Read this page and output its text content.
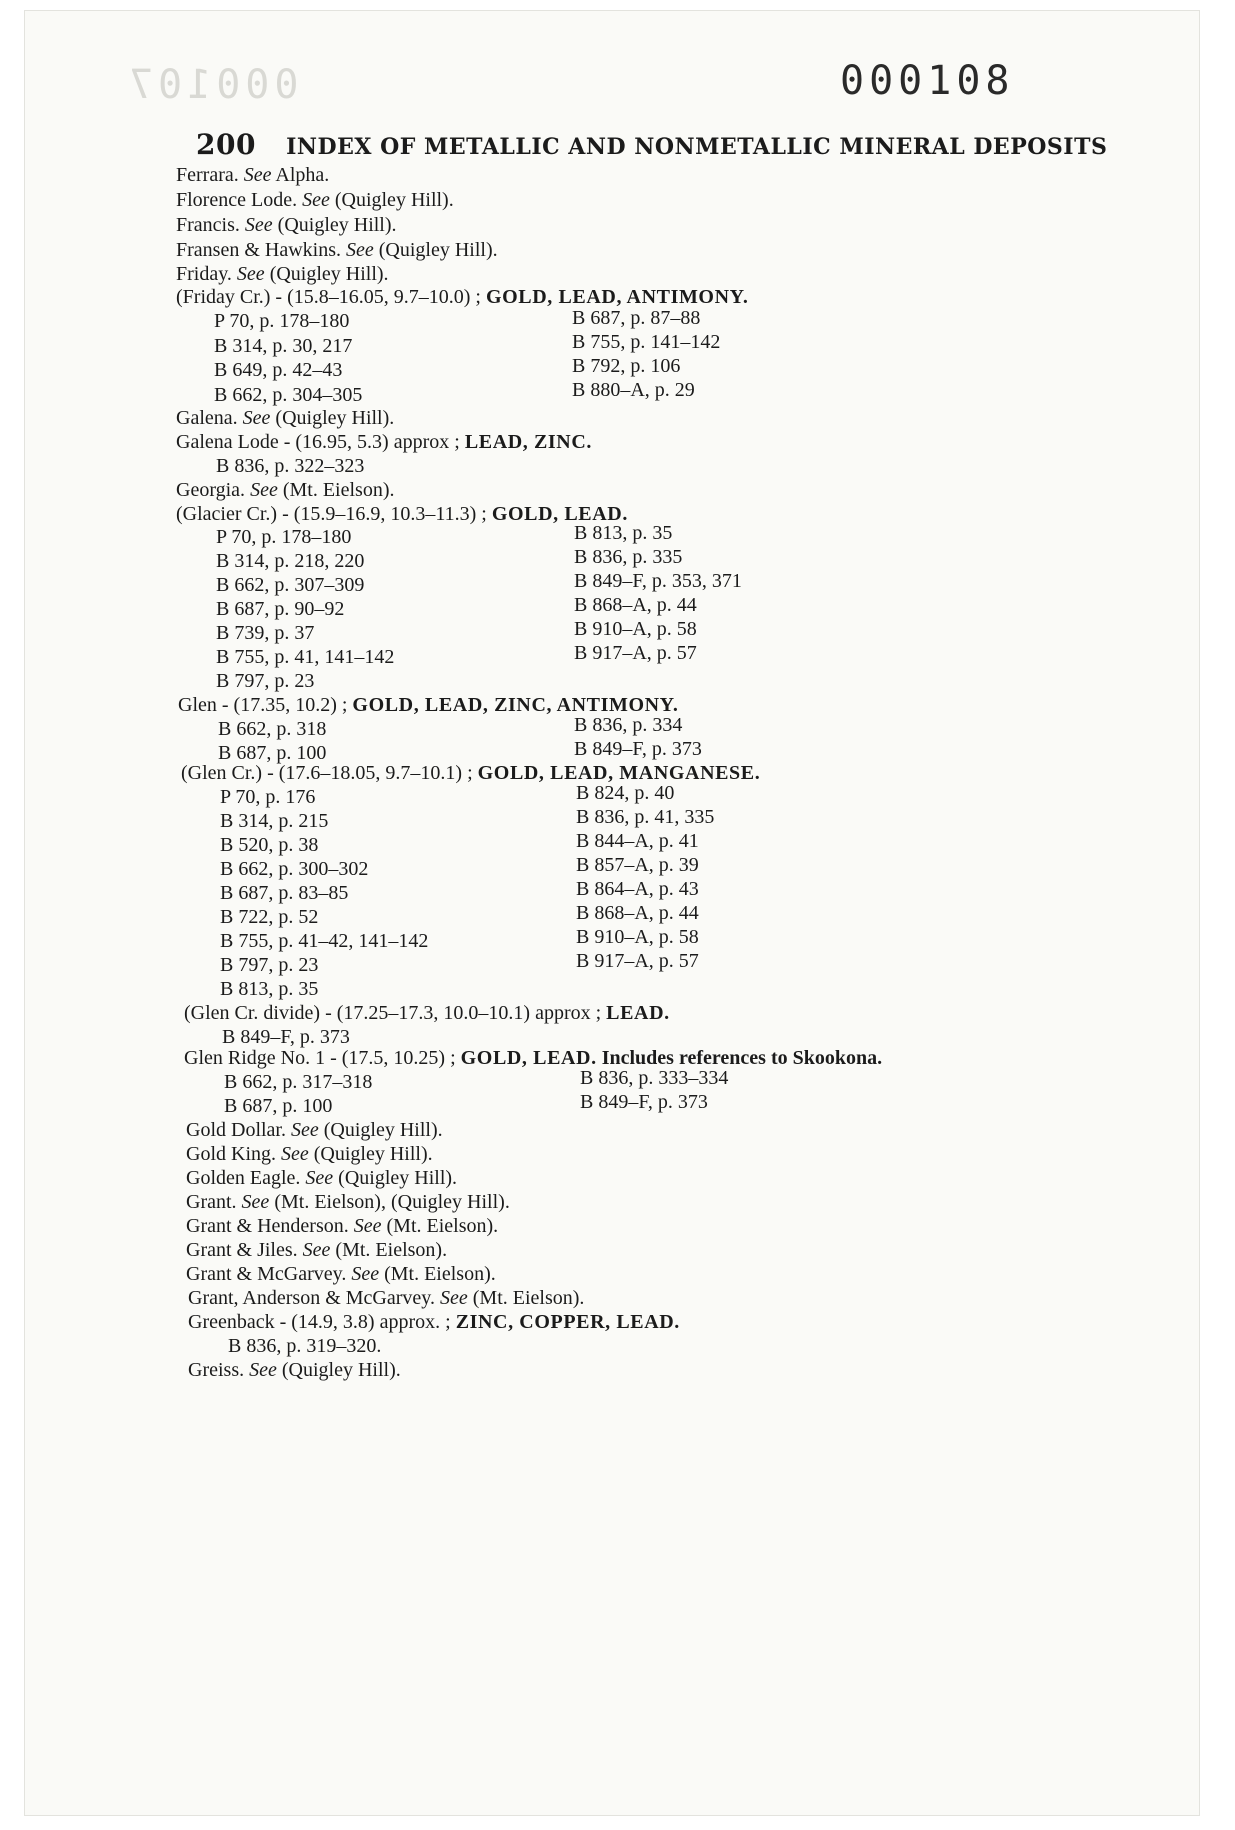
000107	000108
200 INDEX OF METALLIC AND NONMETALLIC MINERAL DEPOSITS
Ferrara. See Alpha.
Florence Lode. See (Quigley Hill).
Francis. See (Quigley Hill).
Fransen & Hawkins. See (Quigley Hill).
Friday. See (Quigley Hill).
(Friday Cr.) - (15.8–16.05, 9.7–10.0) ; GOLD, LEAD, ANTIMONY.
P 70, p. 178–180
B 314, p. 30, 217
B 649, p. 42–43
B 662, p. 304–305
B 687, p. 87–88
B 755, p. 141–142
B 792, p. 106
B 880–A, p. 29
Galena. See (Quigley Hill).
Galena Lode - (16.95, 5.3) approx ; LEAD, ZINC.
B 836, p. 322–323
Georgia. See (Mt. Eielson).
(Glacier Cr.) - (15.9–16.9, 10.3–11.3) ; GOLD, LEAD.
P 70, p. 178–180
B 314, p. 218, 220
B 662, p. 307–309
B 687, p. 90–92
B 739, p. 37
B 755, p. 41, 141–142
B 797, p. 23
B 813, p. 35
B 836, p. 335
B 849–F, p. 353, 371
B 868–A, p. 44
B 910–A, p. 58
B 917–A, p. 57
Glen - (17.35, 10.2) ; GOLD, LEAD, ZINC, ANTIMONY.
B 662, p. 318
B 687, p. 100
B 836, p. 334
B 849–F, p. 373
(Glen Cr.) - (17.6–18.05, 9.7–10.1) ; GOLD, LEAD, MANGANESE.
P 70, p. 176
B 314, p. 215
B 520, p. 38
B 662, p. 300–302
B 687, p. 83–85
B 722, p. 52
B 755, p. 41–42, 141–142
B 797, p. 23
B 813, p. 35
B 824, p. 40
B 836, p. 41, 335
B 844–A, p. 41
B 857–A, p. 39
B 864–A, p. 43
B 868–A, p. 44
B 910–A, p. 58
B 917–A, p. 57
(Glen Cr. divide) - (17.25–17.3, 10.0–10.1) approx ; LEAD.
B 849–F, p. 373
Glen Ridge No. 1 - (17.5, 10.25) ; GOLD, LEAD. Includes references to Skookona.
B 662, p. 317–318
B 687, p. 100
B 836, p. 333–334
B 849–F, p. 373
Gold Dollar. See (Quigley Hill).
Gold King. See (Quigley Hill).
Golden Eagle. See (Quigley Hill).
Grant. See (Mt. Eielson), (Quigley Hill).
Grant & Henderson. See (Mt. Eielson).
Grant & Jiles. See (Mt. Eielson).
Grant & McGarvey. See (Mt. Eielson).
Grant, Anderson & McGarvey. See (Mt. Eielson).
Greenback - (14.9, 3.8) approx. ; ZINC, COPPER, LEAD.
B 836, p. 319–320.
Greiss. See (Quigley Hill).
